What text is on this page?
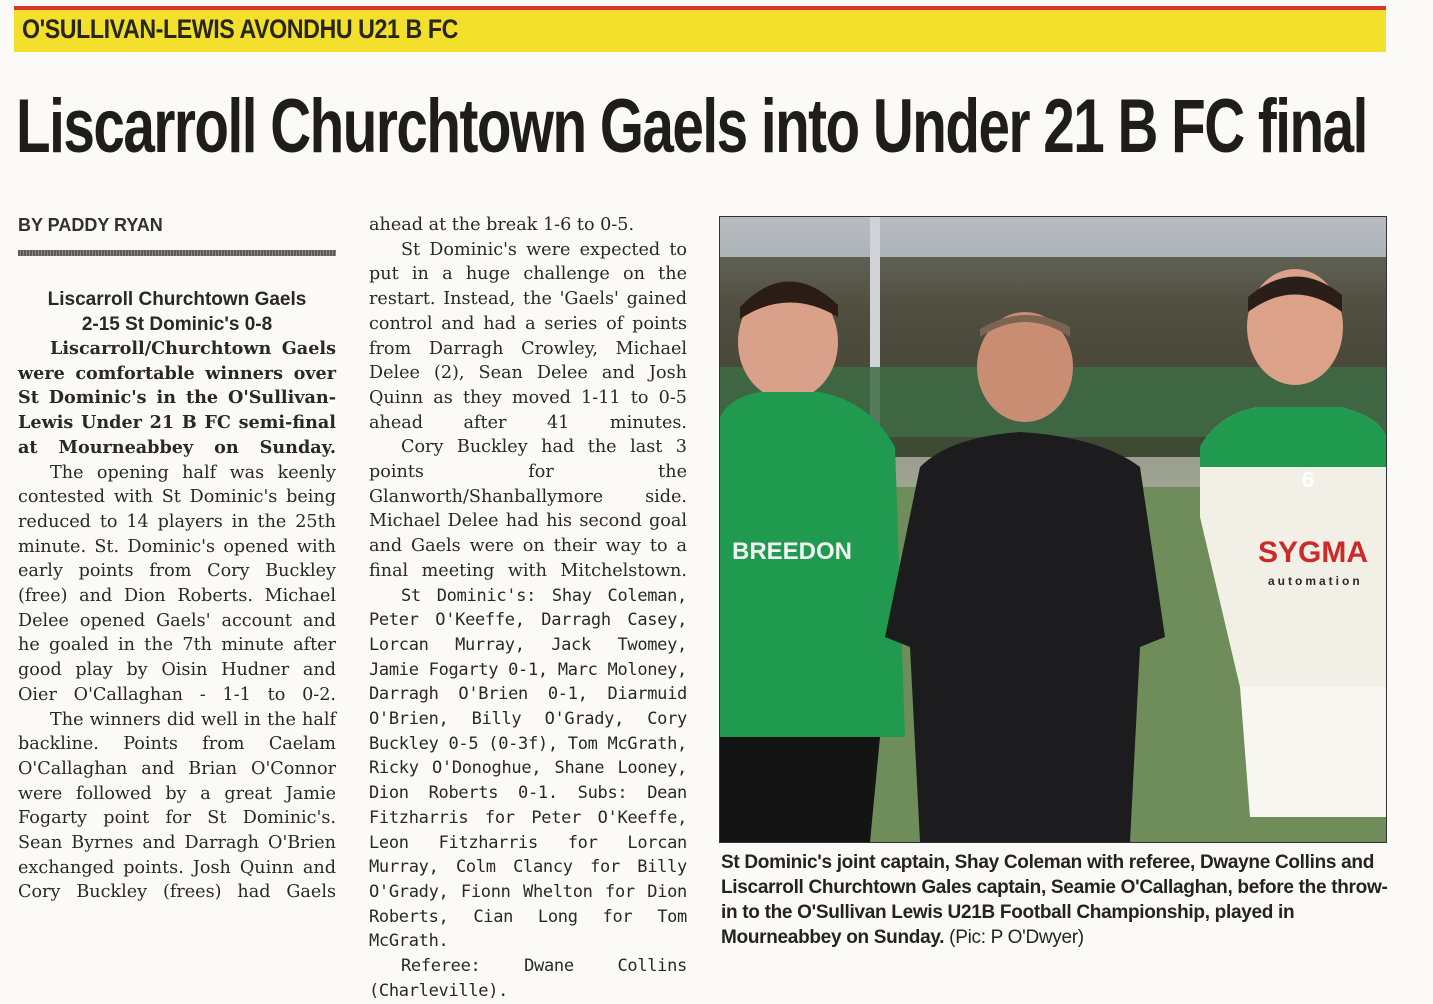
O'SULLIVAN-LEWIS AVONDHU U21 B FC
Liscarroll Churchtown Gaels into Under 21 B FC final
BY PADDY RYAN

Liscarroll Churchtown Gaels

2-15 St Dominic's 0-8

Liscarroll/Churchtown Gaels were comfortable winners over St Dominic's in the O'Sullivan-Lewis Under 21 B FC semi-final at Mourneabbey on Sunday.

The opening half was keenly contested with St Dominic's being reduced to 14 players in the 25th minute. St. Dominic's opened with early points from Cory Buckley (free) and Dion Roberts. Michael Delee opened Gaels' account and he goaled in the 7th minute after good play by Oisin Hudner and Oier O'Callaghan - 1-1 to 0-2.

The winners did well in the half backline. Points from Caelam O'Callaghan and Brian O'Connor were followed by a great Jamie Fogarty point for St Dominic's. Sean Byrnes and Darragh O'Brien exchanged points. Josh Quinn and Cory Buckley (frees) had Gaels

ahead at the break 1-6 to 0-5.

St Dominic's were expected to put in a huge challenge on the restart. Instead, the 'Gaels' gained control and had a series of points from Darragh Crowley, Michael Delee (2), Sean Delee and Josh Quinn as they moved 1-11 to 0-5 ahead after 41 minutes.

Cory Buckley had the last 3 points for the Glanworth/Shanballymore side. Michael Delee had his second goal and Gaels were on their way to a final meeting with Mitchelstown.

St Dominic's: Shay Coleman, Peter O'Keeffe, Darragh Casey, Lorcan Murray, Jack Twomey, Jamie Fogarty 0-1, Marc Moloney, Darragh O'Brien 0-1, Diarmuid O'Brien, Billy O'Grady, Cory Buckley 0-5 (0-3f), Tom McGrath, Ricky O'Donoghue, Shane Looney, Dion Roberts 0-1. Subs: Dean Fitzharris for Peter O'Keeffe, Leon Fitzharris for Lorcan Murray, Colm Clancy for Billy O'Grady, Fionn Whelton for Dion Roberts, Cian Long for Tom McGrath.

Referee: Dwane Collins (Charleville).

BREEDON	SYGMA
automation
6
St Dominic's joint captain, Shay Coleman with referee, Dwayne Collins and Liscarroll Churchtown Gales captain, Seamie O'Callaghan, before the throw-in to the O'Sullivan Lewis U21B Football Championship, played in Mourneabbey on Sunday. (Pic: P O'Dwyer)
